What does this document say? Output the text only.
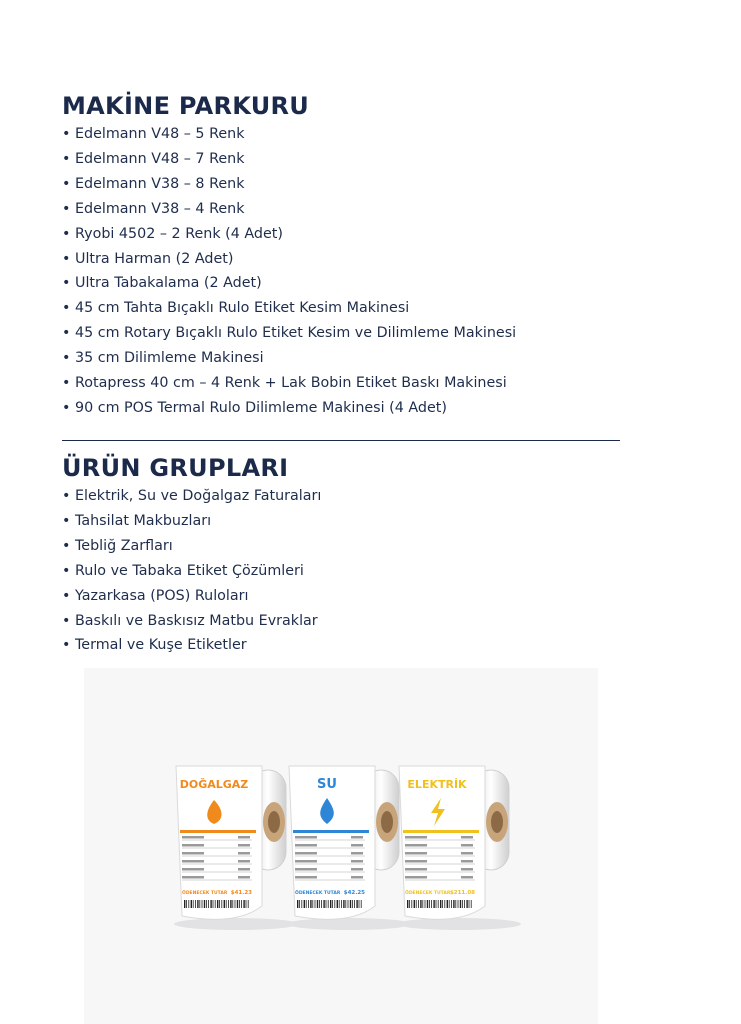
MAKİNE PARKURU
• Edelmann V48 – 5 Renk
• Edelmann V48 – 7 Renk
• Edelmann V38 – 8 Renk
• Edelmann V38 – 4 Renk
• Ryobi 4502 – 2 Renk (4 Adet)
• Ultra Harman (2 Adet)
• Ultra Tabakalama (2 Adet)
• 45 cm Tahta Bıçaklı Rulo Etiket Kesim Makinesi
• 45 cm Rotary Bıçaklı Rulo Etiket Kesim ve Dilimleme Makinesi
• 35 cm Dilimleme Makinesi
• Rotapress 40 cm – 4 Renk + Lak Bobin Etiket Baskı Makinesi
• 90 cm POS Termal Rulo Dilimleme Makinesi (4 Adet)
ÜRÜN GRUPLARI
• Elektrik, Su ve Doğalgaz Faturaları
• Tahsilat Makbuzları
• Tebliğ Zarfları
• Rulo ve Tabaka Etiket Çözümleri
• Yazarkasa (POS) Ruloları
• Baskılı ve Baskısız Matbu Evraklar
• Termal ve Kuşe Etiketler
DOĞALGAZ
ÖDENECEK TUTAR $41.23
SU
ÖDENECEK TUTAR $42.25
ELEKTRİK
ÖDENECEK TUTAR $211.08
